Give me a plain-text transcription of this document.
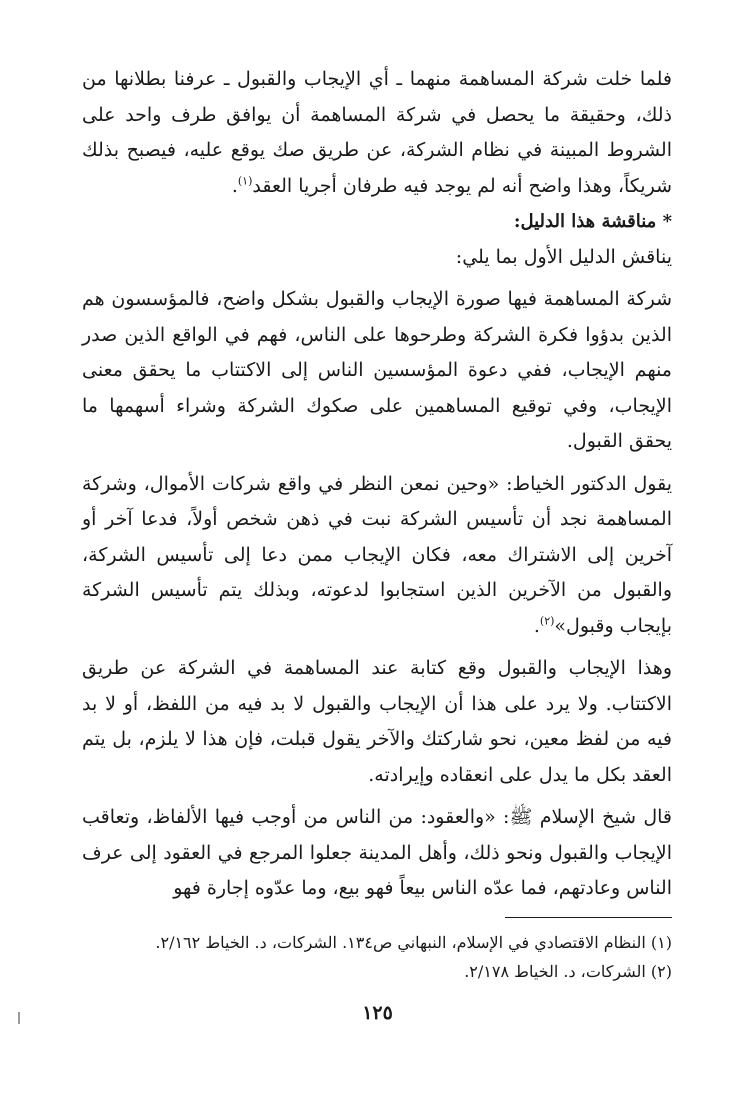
فلما خلت شركة المساهمة منهما ـ أي الإيجاب والقبول ـ عرفنا بطلانها من ذلك، وحقيقة ما يحصل في شركة المساهمة أن يوافق طرف واحد على الشروط المبينة في نظام الشركة، عن طريق صك يوقع عليه، فيصبح بذلك شريكاً، وهذا واضح أنه لم يوجد فيه طرفان أجريا العقد$^{(١)}$.

* مناقشة هذا الدليل:

يناقش الدليل الأول بما يلي:

شركة المساهمة فيها صورة الإيجاب والقبول بشكل واضح، فالمؤسسون هم الذين بدؤوا فكرة الشركة وطرحوها على الناس، فهم في الواقع الذين صدر منهم الإيجاب، ففي دعوة المؤسسين الناس إلى الاكتتاب ما يحقق معنى الإيجاب، وفي توقيع المساهمين على صكوك الشركة وشراء أسهمها ما يحقق القبول.

يقول الدكتور الخياط: «وحين نمعن النظر في واقع شركات الأموال، وشركة المساهمة نجد أن تأسيس الشركة نبت في ذهن شخص أولاً، فدعا آخر أو آخرين إلى الاشتراك معه، فكان الإيجاب ممن دعا إلى تأسيس الشركة، والقبول من الآخرين الذين استجابوا لدعوته، وبذلك يتم تأسيس الشركة بإيجاب وقبول»$^{(٢)}$.

وهذا الإيجاب والقبول وقع كتابة عند المساهمة في الشركة عن طريق الاكتتاب. ولا يرد على هذا أن الإيجاب والقبول لا بد فيه من اللفظ، أو لا بد فيه من لفظ معين، نحو شاركتك والآخر يقول قبلت، فإن هذا لا يلزم، بل يتم العقد بكل ما يدل على انعقاده وإيرادته.

قال شيخ الإسلام ﷺ: «والعقود: من الناس من أوجب فيها الألفاظ، وتعاقب الإيجاب والقبول ونحو ذلك، وأهل المدينة جعلوا المرجع في العقود إلى عرف الناس وعادتهم، فما عدّه الناس بيعاً فهو بيع، وما عدّوه إجارة فهو

(١) النظام الاقتصادي في الإسلام، النبهاني ص١٣٤. الشركات، د. الخياط ٢/١٦٢.

(٢) الشركات، د. الخياط ٢/١٧٨.

١٢٥
